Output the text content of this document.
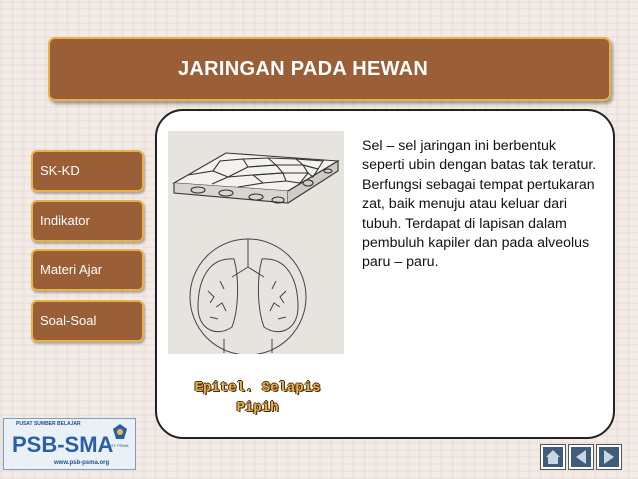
JARINGAN PADA HEWAN
SK-KD
Indikator
Materi Ajar
Soal-Soal
Epitel. Selapis Pipih
Sel – sel jaringan ini berbentuk seperti ubin dengan batas tak teratur. Berfungsi sebagai tempat pertukaran zat, baik menuju atau keluar dari tubuh. Terdapat di lapisan dalam pembuluh kapiler dan pada alveolus paru – paru.
PUSAT SUMBER BELAJAR
PSB-SMA
www.psb-psma.org
DIT. PSMA
